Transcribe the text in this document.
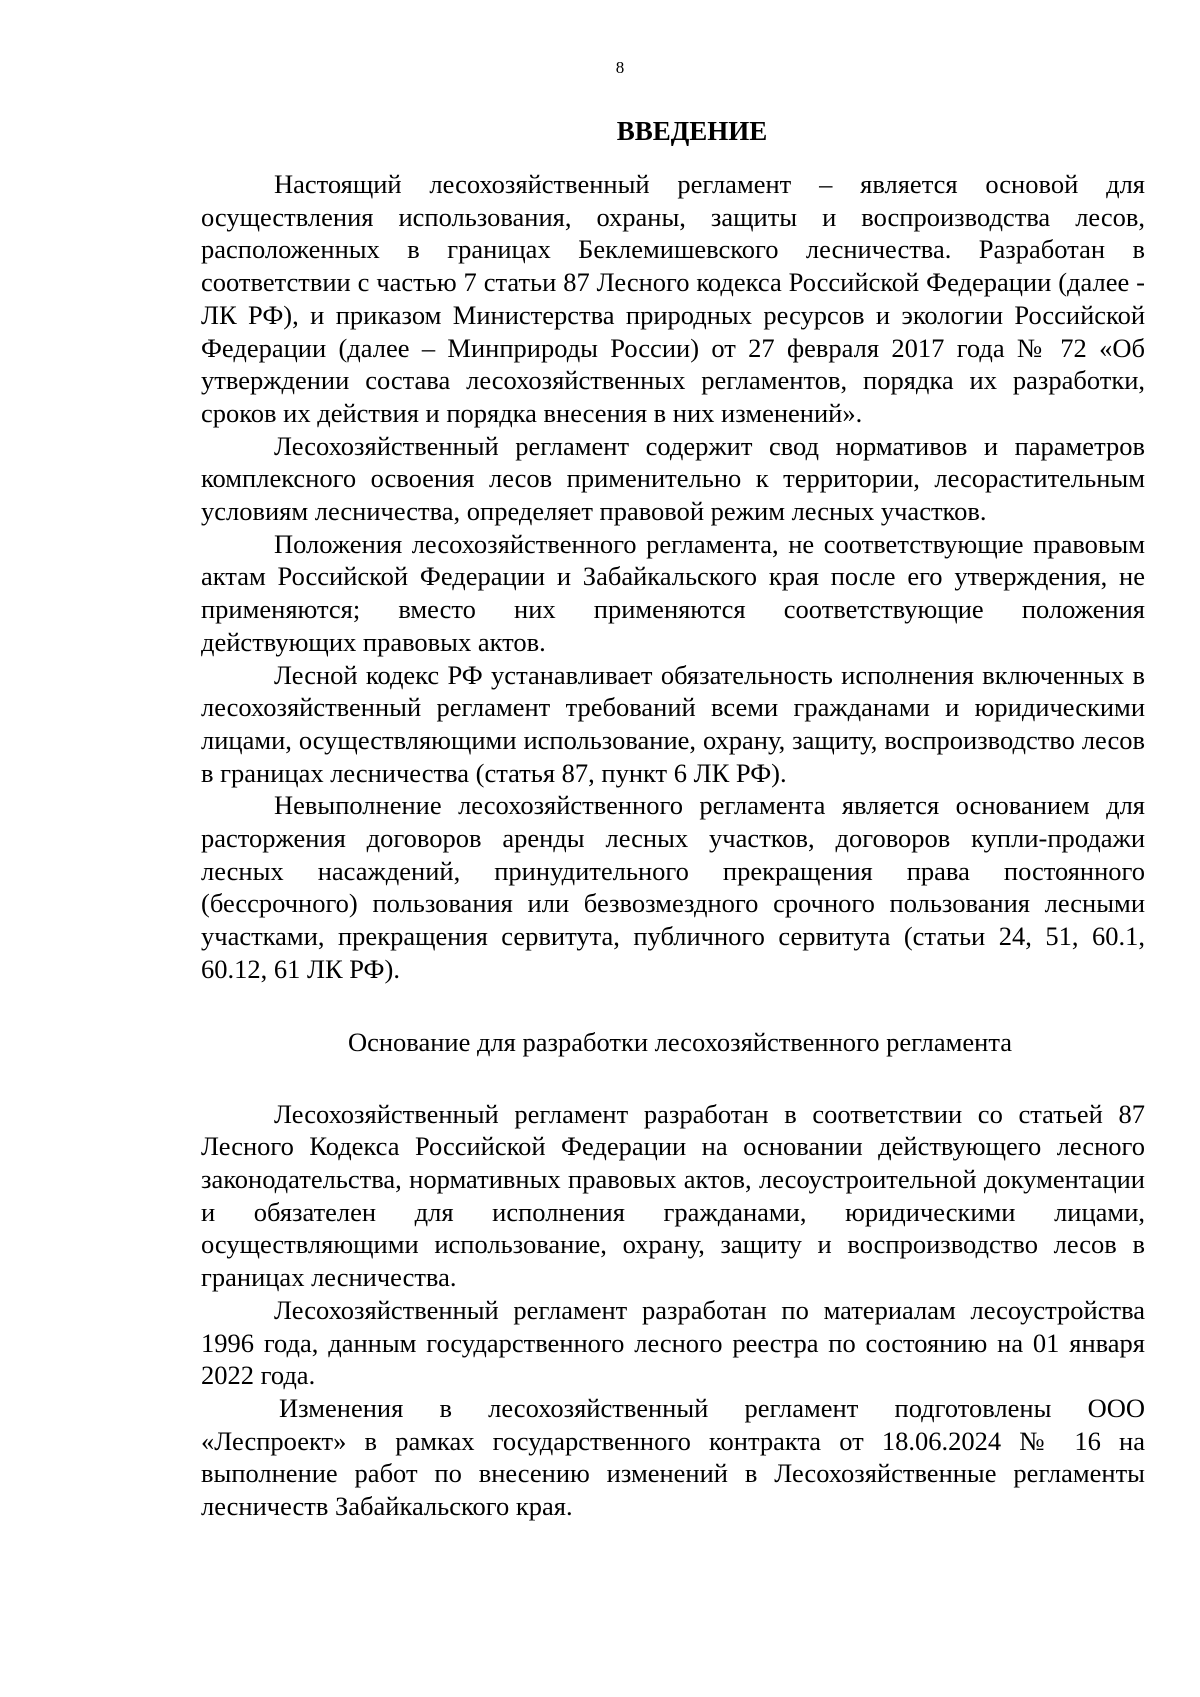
8
ВВЕДЕНИЕ

Настоящий лесохозяйственный регламент – является основой для осуществления использования, охраны, защиты и воспроизводства лесов, расположенных в границах Беклемишевского лесничества. Разработан в соответствии с частью 7 статьи 87 Лесного кодекса Российской Федерации (далее - ЛК РФ), и приказом Министерства природных ресурсов и экологии Российской Федерации (далее – Минприроды России) от 27 февраля 2017 года № 72 «Об утверждении состава лесохозяйственных регламентов, порядка их разработки, сроков их действия и порядка внесения в них изменений».

Лесохозяйственный регламент содержит свод нормативов и параметров комплексного освоения лесов применительно к территории, лесорастительным условиям лесничества, определяет правовой режим лесных участков.

Положения лесохозяйственного регламента, не соответствующие правовым актам Российской Федерации и Забайкальского края после его утверждения, не применяются; вместо них применяются соответствующие положения действующих правовых актов.

Лесной кодекс РФ устанавливает обязательность исполнения включенных в лесохозяйственный регламент требований всеми гражданами и юридическими лицами, осуществляющими использование, охрану, защиту, воспроизводство лесов в границах лесничества (статья 87, пункт 6 ЛК РФ).

Невыполнение лесохозяйственного регламента является основанием для расторжения договоров аренды лесных участков, договоров купли-продажи лесных насаждений, принудительного прекращения права постоянного (бессрочного) пользования или безвозмездного срочного пользования лесными участками, прекращения сервитута, публичного сервитута (статьи 24, 51, 60.1, 60.12, 61 ЛК РФ).

Основание для разработки лесохозяйственного регламента

Лесохозяйственный регламент разработан в соответствии со статьей 87 Лесного Кодекса Российской Федерации на основании действующего лесного законодательства, нормативных правовых актов, лесоустроительной документации и обязателен для исполнения гражданами, юридическими лицами, осуществляющими использование, охрану, защиту и воспроизводство лесов в границах лесничества.

Лесохозяйственный регламент разработан по материалам лесоустройства 1996 года, данным государственного лесного реестра по состоянию на 01 января 2022 года.

Изменения в лесохозяйственный регламент подготовлены ООО «Леспроект» в рамках государственного контракта от 18.06.2024 № 16 на выполнение работ по внесению изменений в Лесохозяйственные регламенты лесничеств Забайкальского края.
